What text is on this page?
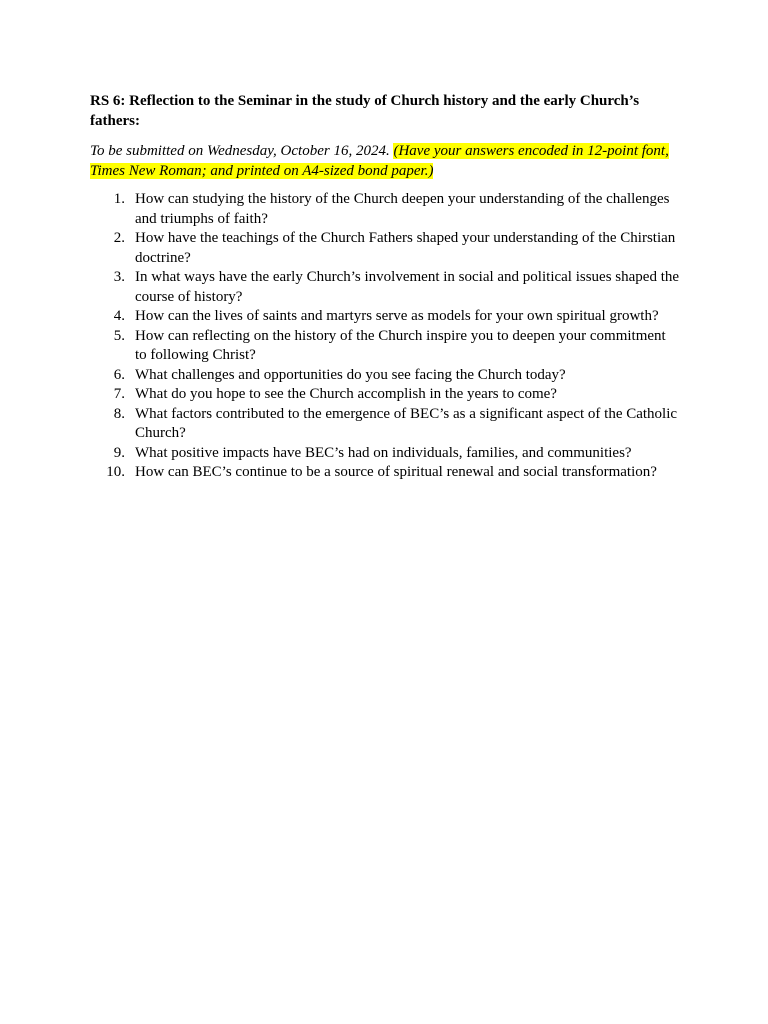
RS 6: Reflection to the Seminar in the study of Church history and the early Church’s fathers:

To be submitted on Wednesday, October 16, 2024. (Have your answers encoded in 12-point font, Times New Roman; and printed on A4-sized bond paper.)

1. How can studying the history of the Church deepen your understanding of the challenges and triumphs of faith?
2. How have the teachings of the Church Fathers shaped your understanding of the Chirstian doctrine?
3. In what ways have the early Church’s involvement in social and political issues shaped the course of history?
4. How can the lives of saints and martyrs serve as models for your own spiritual growth?
5. How can reflecting on the history of the Church inspire you to deepen your commitment to following Christ?
6. What challenges and opportunities do you see facing the Church today?
7. What do you hope to see the Church accomplish in the years to come?
8. What factors contributed to the emergence of BEC’s as a significant aspect of the Catholic Church?
9. What positive impacts have BEC’s had on individuals, families, and communities?
10. How can BEC’s continue to be a source of spiritual renewal and social transformation?
